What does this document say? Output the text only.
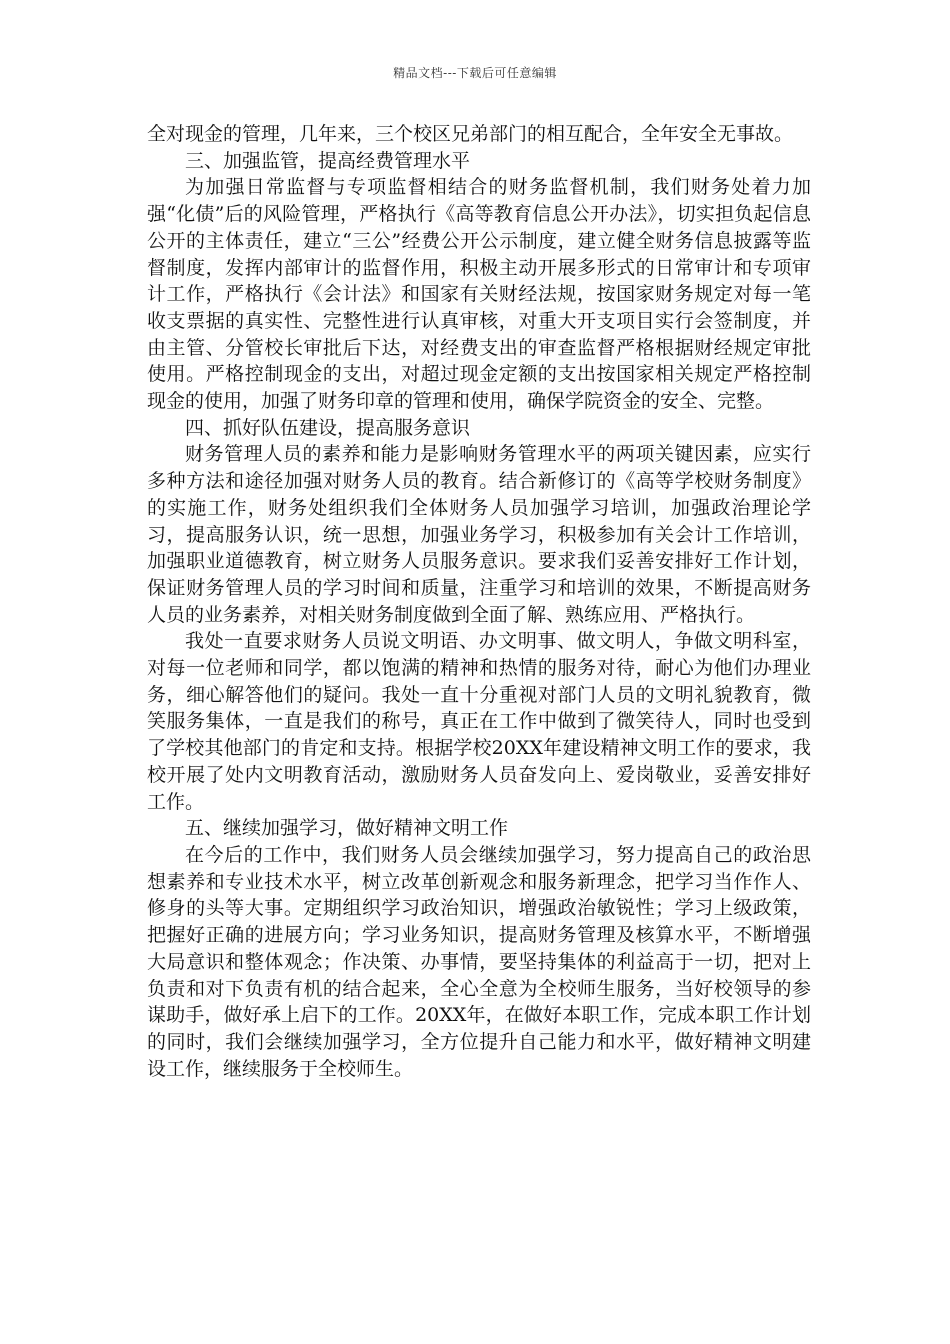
精品文档---下载后可任意编辑

全对现金的管理，几年来，三个校区兄弟部门的相互配合，全年安全无事故。

三、加强监管，提高经费管理水平

为加强日常监督与专项监督相结合的财务监督机制，我们财务处着力加强“化债”后的风险管理，严格执行《高等教育信息公开办法》，切实担负起信息公开的主体责任，建立“三公”经费公开公示制度，建立健全财务信息披露等监督制度，发挥内部审计的监督作用，积极主动开展多形式的日常审计和专项审计工作，严格执行《会计法》和国家有关财经法规，按国家财务规定对每一笔收支票据的真实性、完整性进行认真审核，对重大开支项目实行会签制度，并由主管、分管校长审批后下达，对经费支出的审查监督严格根据财经规定审批使用。严格控制现金的支出，对超过现金定额的支出按国家相关规定严格控制现金的使用，加强了财务印章的管理和使用，确保学院资金的安全、完整。

四、抓好队伍建设，提高服务意识

财务管理人员的素养和能力是影响财务管理水平的两项关键因素，应实行多种方法和途径加强对财务人员的教育。结合新修订的《高等学校财务制度》的实施工作，财务处组织我们全体财务人员加强学习培训，加强政治理论学习，提高服务认识，统一思想，加强业务学习，积极参加有关会计工作培训，加强职业道德教育，树立财务人员服务意识。要求我们妥善安排好工作计划，保证财务管理人员的学习时间和质量，注重学习和培训的效果，不断提高财务人员的业务素养，对相关财务制度做到全面了解、熟练应用、严格执行。

我处一直要求财务人员说文明语、办文明事、做文明人，争做文明科室，对每一位老师和同学，都以饱满的精神和热情的服务对待，耐心为他们办理业务，细心解答他们的疑问。我处一直十分重视对部门人员的文明礼貌教育，微笑服务集体，一直是我们的称号，真正在工作中做到了微笑待人，同时也受到了学校其他部门的肯定和支持。根据学校20XX年建设精神文明工作的要求，我校开展了处内文明教育活动，激励财务人员奋发向上、爱岗敬业，妥善安排好工作。

五、继续加强学习，做好精神文明工作

在今后的工作中，我们财务人员会继续加强学习，努力提高自己的政治思想素养和专业技术水平，树立改革创新观念和服务新理念，把学习当作作人、修身的头等大事。定期组织学习政治知识，增强政治敏锐性；学习上级政策，把握好正确的进展方向；学习业务知识，提高财务管理及核算水平，不断增强大局意识和整体观念；作决策、办事情，要坚持集体的利益高于一切，把对上负责和对下负责有机的结合起来，全心全意为全校师生服务，当好校领导的参谋助手，做好承上启下的工作。20XX年，在做好本职工作，完成本职工作计划的同时，我们会继续加强学习，全方位提升自己能力和水平，做好精神文明建设工作，继续服务于全校师生。
